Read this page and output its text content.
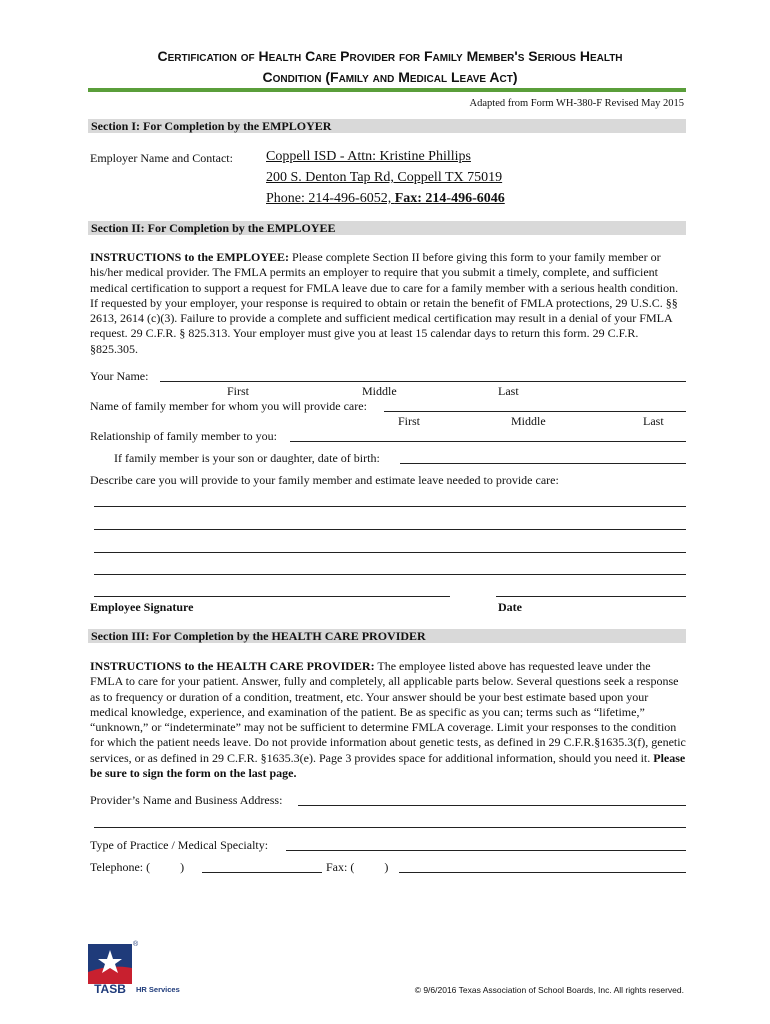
Certification of Health Care Provider for Family Member's Serious Health
Condition (Family and Medical Leave Act)
Adapted from Form WH-380-F Revised May 2015
Section I: For Completion by the EMPLOYER
Employer Name and Contact: Coppell ISD - Attn: Kristine Phillips
200 S. Denton Tap Rd, Coppell TX 75019
Phone: 214-496-6052, Fax: 214-496-6046
Section II: For Completion by the EMPLOYEE
INSTRUCTIONS to the EMPLOYEE: Please complete Section II before giving this form to your family member or his/her medical provider. The FMLA permits an employer to require that you submit a timely, complete, and sufficient medical certification to support a request for FMLA leave due to care for a family member with a serious health condition. If requested by your employer, your response is required to obtain or retain the benefit of FMLA protections, 29 U.S.C. §§ 2613, 2614 (c)(3). Failure to provide a complete and sufficient medical certification may result in a denial of your FMLA request. 29 C.F.R. § 825.313. Your employer must give you at least 15 calendar days to return this form. 29 C.F.R. §825.305.
Your Name:
First	Middle	Last
Name of family member for whom you will provide care:
First	Middle	Last
Relationship of family member to you:
If family member is your son or daughter, date of birth:
Describe care you will provide to your family member and estimate leave needed to provide care:
Employee Signature	Date
Section III: For Completion by the HEALTH CARE PROVIDER
INSTRUCTIONS to the HEALTH CARE PROVIDER: The employee listed above has requested leave under the FMLA to care for your patient. Answer, fully and completely, all applicable parts below. Several questions seek a response as to frequency or duration of a condition, treatment, etc. Your answer should be your best estimate based upon your medical knowledge, experience, and examination of the patient. Be as specific as you can; terms such as “lifetime,” “unknown,” or “indeterminate” may not be sufficient to determine FMLA coverage. Limit your responses to the condition for which the patient needs leave. Do not provide information about genetic tests, as defined in 29 C.F.R.§1635.3(f), genetic services, or as defined in 29 C.F.R. §1635.3(e). Page 3 provides space for additional information, should you need it. Please be sure to sign the form on the last page.
Provider’s Name and Business Address:
Type of Practice / Medical Specialty:
Telephone: (          )	Fax: (          )
®
TASB	HR Services	© 9/6/2016 Texas Association of School Boards, Inc. All rights reserved.
